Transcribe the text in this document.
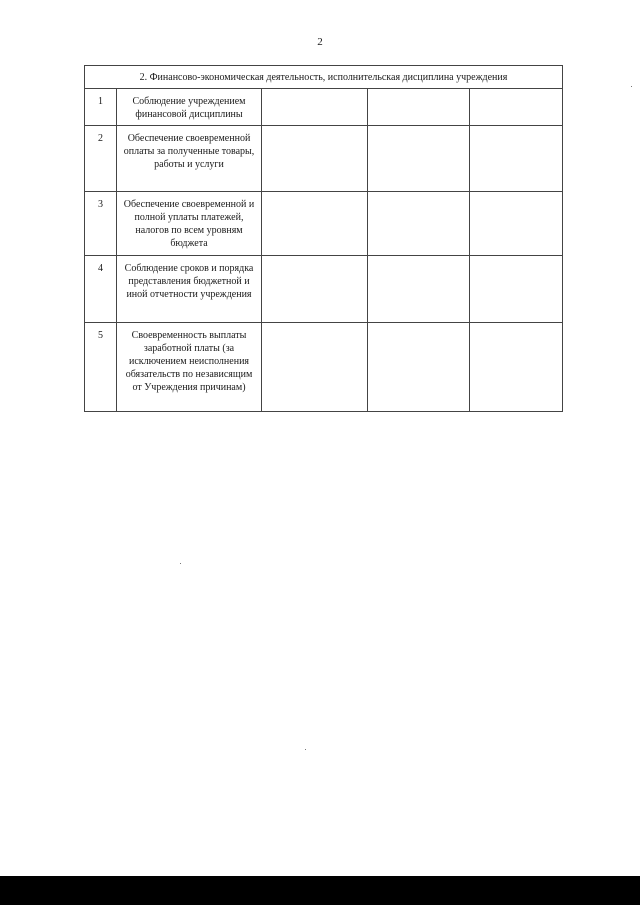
2
2. Финансово-экономическая деятельность, исполнительская дисциплина учреждения				
1	Соблюдение учреждением финансовой дисциплины			
2	Обеспечение своевременной оплаты за полученные товары, работы и услуги			
3	Обеспечение своевременной и полной уплаты платежей, налогов по всем уровням бюджета			
4	Соблюдение сроков и порядка представления бюджетной и иной отчетности учреждения			
5	Своевременность выплаты заработной платы (за исключением неисполнения обязательств по независящим от Учреждения причинам)			
